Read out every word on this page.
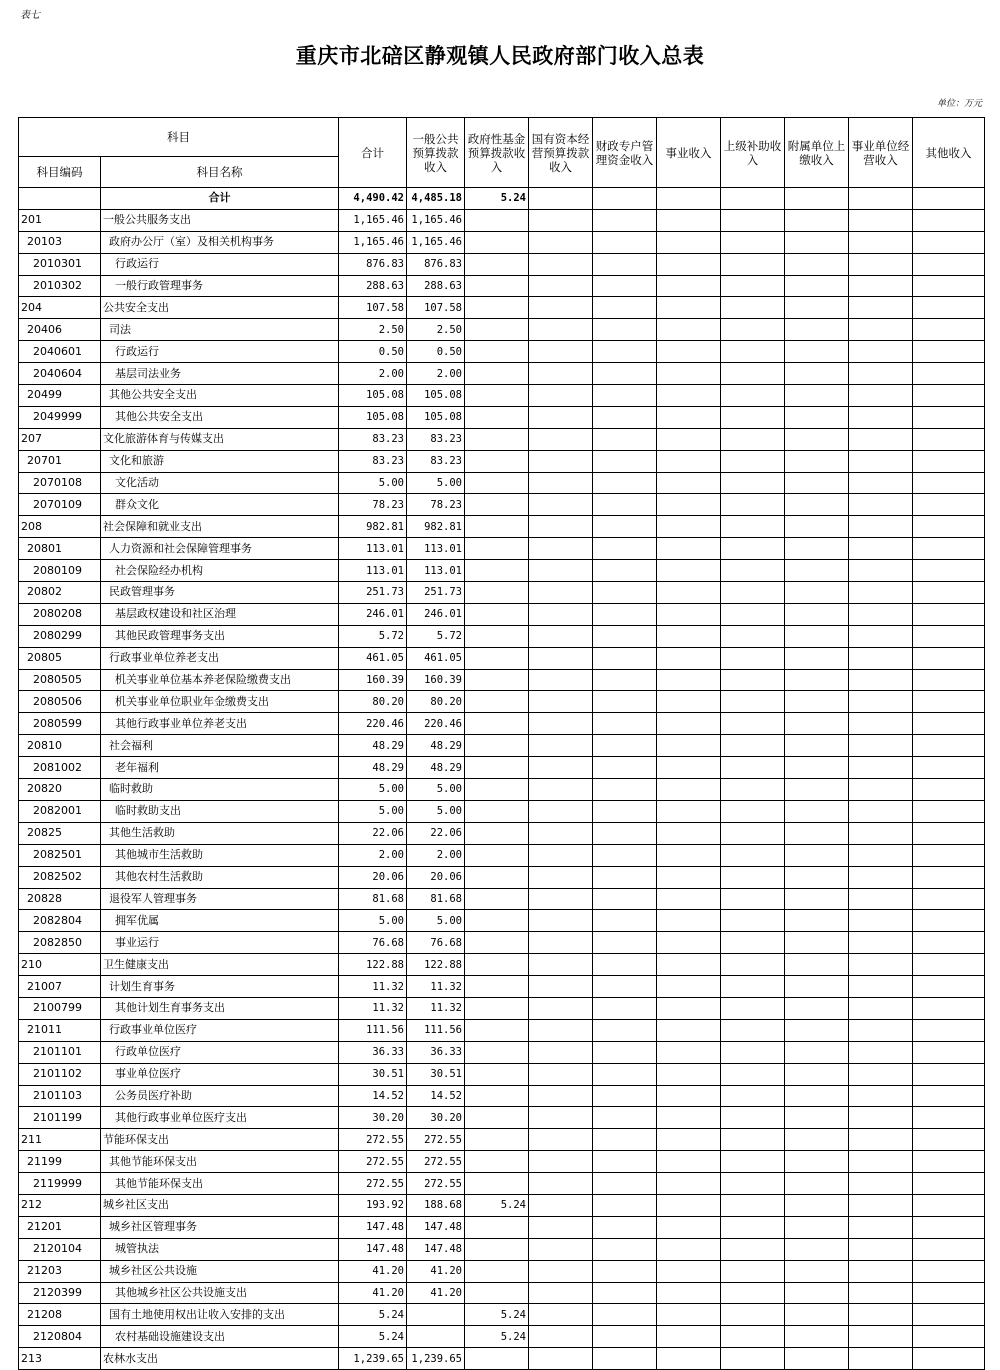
表七
重庆市北碚区静观镇人民政府部门收入总表
单位：万元
科目		合计	一般公共预算拨款收入	政府性基金预算拨款收入	国有资本经营预算拨款收入	财政专户管理资金收入	事业收入	上级补助收入	附属单位上缴收入	事业单位经营收入	其他收入
科目编码	科目名称										
	合计	4,490.42	4,485.18	5.24							
201	一般公共服务支出	1,165.46	1,165.46								
20103	政府办公厅（室）及相关机构事务	1,165.46	1,165.46								
2010301	行政运行	876.83	876.83								
2010302	一般行政管理事务	288.63	288.63								
204	公共安全支出	107.58	107.58								
20406	司法	2.50	2.50								
2040601	行政运行	0.50	0.50								
2040604	基层司法业务	2.00	2.00								
20499	其他公共安全支出	105.08	105.08								
2049999	其他公共安全支出	105.08	105.08								
207	文化旅游体育与传媒支出	83.23	83.23								
20701	文化和旅游	83.23	83.23								
2070108	文化活动	5.00	5.00								
2070109	群众文化	78.23	78.23								
208	社会保障和就业支出	982.81	982.81								
20801	人力资源和社会保障管理事务	113.01	113.01								
2080109	社会保险经办机构	113.01	113.01								
20802	民政管理事务	251.73	251.73								
2080208	基层政权建设和社区治理	246.01	246.01								
2080299	其他民政管理事务支出	5.72	5.72								
20805	行政事业单位养老支出	461.05	461.05								
2080505	机关事业单位基本养老保险缴费支出	160.39	160.39								
2080506	机关事业单位职业年金缴费支出	80.20	80.20								
2080599	其他行政事业单位养老支出	220.46	220.46								
20810	社会福利	48.29	48.29								
2081002	老年福利	48.29	48.29								
20820	临时救助	5.00	5.00								
2082001	临时救助支出	5.00	5.00								
20825	其他生活救助	22.06	22.06								
2082501	其他城市生活救助	2.00	2.00								
2082502	其他农村生活救助	20.06	20.06								
20828	退役军人管理事务	81.68	81.68								
2082804	拥军优属	5.00	5.00								
2082850	事业运行	76.68	76.68								
210	卫生健康支出	122.88	122.88								
21007	计划生育事务	11.32	11.32								
2100799	其他计划生育事务支出	11.32	11.32								
21011	行政事业单位医疗	111.56	111.56								
2101101	行政单位医疗	36.33	36.33								
2101102	事业单位医疗	30.51	30.51								
2101103	公务员医疗补助	14.52	14.52								
2101199	其他行政事业单位医疗支出	30.20	30.20								
211	节能环保支出	272.55	272.55								
21199	其他节能环保支出	272.55	272.55								
2119999	其他节能环保支出	272.55	272.55								
212	城乡社区支出	193.92	188.68	5.24							
21201	城乡社区管理事务	147.48	147.48								
2120104	城管执法	147.48	147.48								
21203	城乡社区公共设施	41.20	41.20								
2120399	其他城乡社区公共设施支出	41.20	41.20								
21208	国有土地使用权出让收入安排的支出	5.24		5.24							
2120804	农村基础设施建设支出	5.24		5.24							
213	农林水支出	1,239.65	1,239.65								
